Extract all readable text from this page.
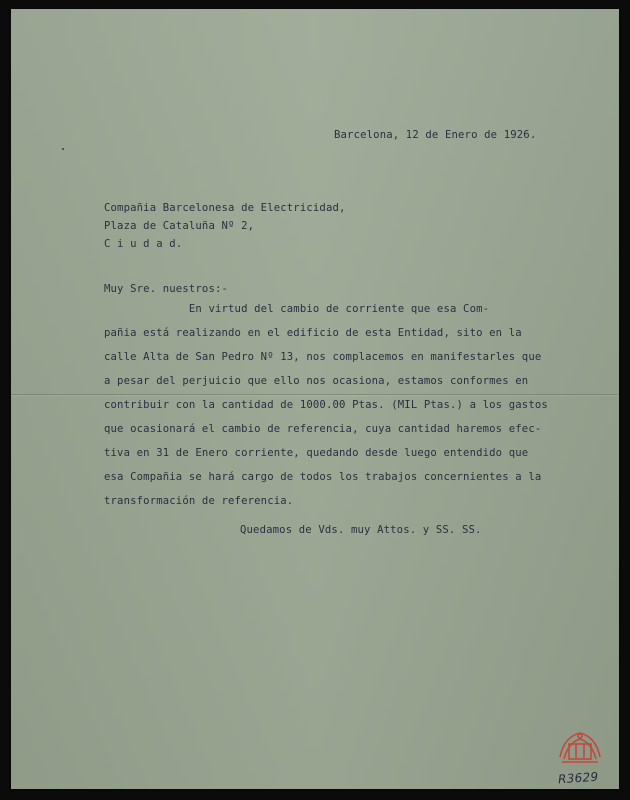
Barcelona, 12 de Enero de 1926.
Compañia Barcelonesa de Electricidad,
Plaza de Cataluña Nº 2,
C i u d a d.
Muy Sre. nuestros:-
En virtud del cambio de corriente que esa Com-
pañia está realizando en el edificio de esta Entidad, sito en la
calle Alta de San Pedro Nº 13, nos complacemos en manifestarles que
a pesar del perjuicio que ello nos ocasiona, estamos conformes en
contribuir con la cantidad de 1000.00 Ptas. (MIL Ptas.) a los gastos
que ocasionará el cambio de referencia, cuya cantidad haremos efec-
tiva en 31 de Enero corriente, quedando desde luego entendido que
esa Compañia se hará cargo de todos los trabajos concernientes a la
transformación de referencia.
Quedamos de Vds. muy Attos. y SS. SS.
R3629
